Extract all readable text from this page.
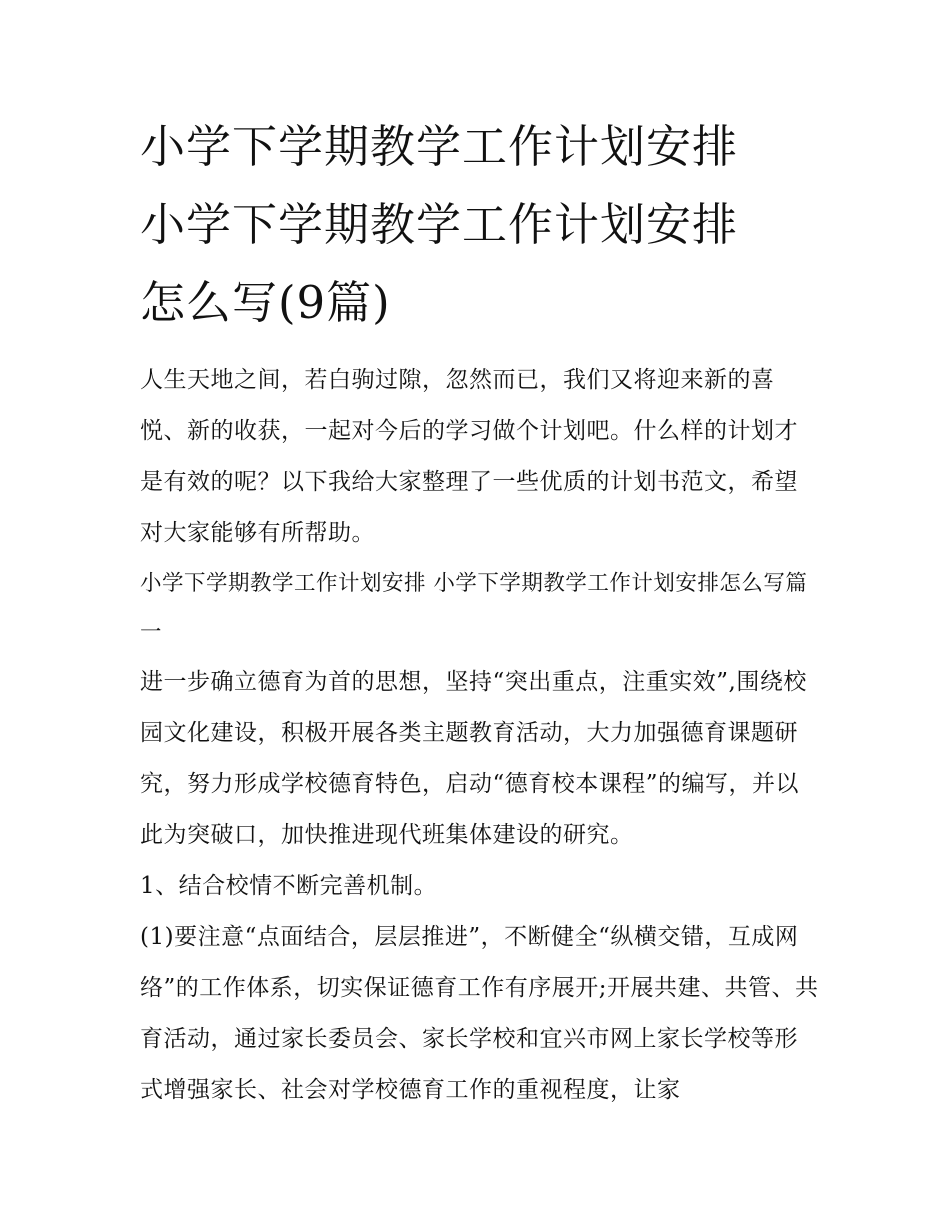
小学下学期教学工作计划安排
小学下学期教学工作计划安排
怎么写(9篇)

人生天地之间，若白驹过隙，忽然而已，我们又将迎来新的喜悦、新的收获，一起对今后的学习做个计划吧。什么样的计划才是有效的呢？以下我给大家整理了一些优质的计划书范文，希望对大家能够有所帮助。

小学下学期教学工作计划安排 小学下学期教学工作计划安排怎么写篇一

进一步确立德育为首的思想，坚持“突出重点，注重实效”,围绕校园文化建设，积极开展各类主题教育活动，大力加强德育课题研究，努力形成学校德育特色，启动“德育校本课程”的编写，并以此为突破口，加快推进现代班集体建设的研究。

1、结合校情不断完善机制。

(1)要注意“点面结合，层层推进”，不断健全“纵横交错，互成网络”的工作体系，切实保证德育工作有序展开;开展共建、共管、共育活动，通过家长委员会、家长学校和宜兴市网上家长学校等形式增强家长、社会对学校德育工作的重视程度，让家
